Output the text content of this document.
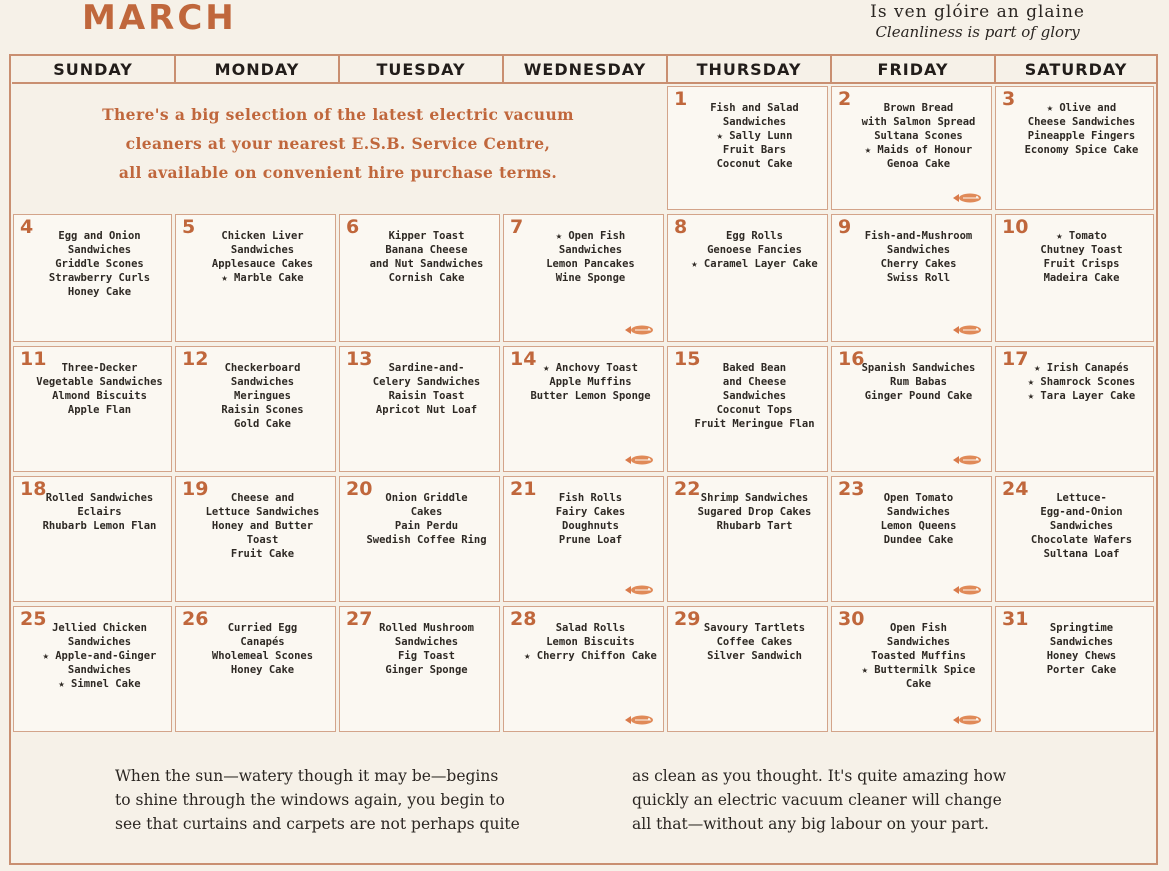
MARCH	Is ven glóire an glaine
Cleanliness is part of glory
SUNDAY	MONDAY	TUESDAY	WEDNESDAY	THURSDAY	FRIDAY	SATURDAY
There's a big selection of the latest electric vacuum
cleaners at your nearest E.S.B. Service Centre,
all available on convenient hire purchase terms.
1	Fish and Salad
Sandwiches
★ Sally Lunn
Fruit Bars
Coconut Cake
2	Brown Bread
with Salmon Spread
Sultana Scones
★ Maids of Honour
Genoa Cake
3	★ Olive and
Cheese Sandwiches
Pineapple Fingers
Economy Spice Cake
4	Egg and Onion
Sandwiches
Griddle Scones
Strawberry Curls
Honey Cake
5	Chicken Liver
Sandwiches
Applesauce Cakes
★ Marble Cake
6	Kipper Toast
Banana Cheese
and Nut Sandwiches
Cornish Cake
7	★ Open Fish
Sandwiches
Lemon Pancakes
Wine Sponge
8	Egg Rolls
Genoese Fancies
★ Caramel Layer Cake
9	Fish-and-Mushroom
Sandwiches
Cherry Cakes
Swiss Roll
10	★ Tomato
Chutney Toast
Fruit Crisps
Madeira Cake
11	Three-Decker
Vegetable Sandwiches
Almond Biscuits
Apple Flan
12	Checkerboard
Sandwiches
Meringues
Raisin Scones
Gold Cake
13	Sardine-and-
Celery Sandwiches
Raisin Toast
Apricot Nut Loaf
14 ★ Anchovy Toast
Apple Muffins
Butter Lemon Sponge
15	Baked Bean
and Cheese
Sandwiches
Coconut Tops
Fruit Meringue Flan
16
Spanish Sandwiches
Rum Babas
Ginger Pound Cake
17 ★ Irish Canapés
★ Shamrock Scones
★ Tara Layer Cake
18 Rolled Sandwiches
Eclairs
Rhubarb Lemon Flan
19	Cheese and
Lettuce Sandwiches
Honey and Butter Toast
Fruit Cake
20	Onion Griddle
Cakes
Pain Perdu
Swedish Coffee Ring
21	Fish Rolls
Fairy Cakes
Doughnuts
Prune Loaf
22 Shrimp Sandwiches
Sugared Drop Cakes
Rhubarb Tart
23	Open Tomato
Sandwiches
Lemon Queens
Dundee Cake
24	Lettuce-
Egg-and-Onion
Sandwiches
Chocolate Wafers
Sultana Loaf
25 Jellied Chicken
Sandwiches
★ Apple-and-Ginger
Sandwiches
★ Simnel Cake
26	Curried Egg
Canapés
Wholemeal Scones
Honey Cake
27 Rolled Mushroom
Sandwiches
Fig Toast
Ginger Sponge
28	Salad Rolls
Lemon Biscuits
★ Cherry Chiffon Cake
29 Savoury Tartlets
Coffee Cakes
Silver Sandwich
30	Open Fish
Sandwiches
Toasted Muffins
★ Buttermilk Spice
Cake
31	Springtime
Sandwiches
Honey Chews
Porter Cake
When the sun—watery though it may be—begins
to shine through the windows again, you begin to
see that curtains and carpets are not perhaps quite
as clean as you thought. It's quite amazing how
quickly an electric vacuum cleaner will change
all that—without any big labour on your part.
